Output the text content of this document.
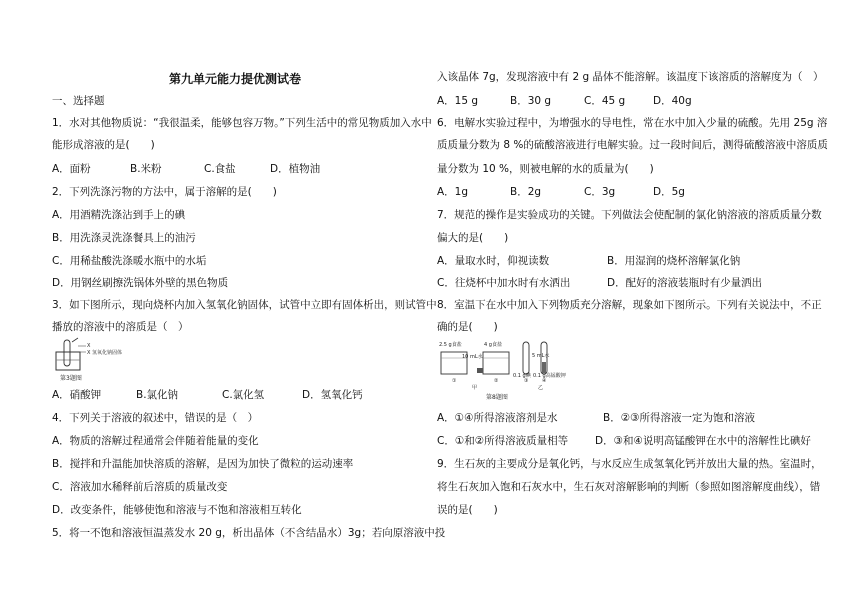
第九单元能力提优测试卷
一、选择题
1．水对其他物质说：“我很温柔，能够包容万物。”下列生活中的常见物质加入水中
能形成溶液的是(　　)
A．面粉	B.米粉	C.食盐	D．植物油
2．下列洗涤污物的方法中，属于溶解的是(　　)
A．用酒精洗涤沾到手上的碘
B．用洗涤灵洗涤餐具上的油污
C．用稀盐酸洗涤暖水瓶中的水垢
D．用钢丝刷擦洗锅体外壁的黑色物质
3．如下图所示，现向烧杯内加入氢氧化钠固体，试管中立即有固体析出，则试管中
播放的溶液中的溶质是（　）
X
X 氢氧化钠固体
第3题图
A．硝酸钾	B.氯化钠	C.氯化氢	D．氢氧化钙
4．下列关于溶液的叙述中，错误的是（　）
A．物质的溶解过程通常会伴随着能量的变化
B．搅拌和升温能加快溶质的溶解，是因为加快了微粒的运动速率
C．溶液加水稀释前后溶质的质量改变
D．改变条件，能够使饱和溶液与不饱和溶液相互转化
5．将一不饱和溶液恒温蒸发水 20 g，析出晶体（不含结晶水）3g；若向原溶液中投
入该晶体 7g，发现溶液中有 2 g 晶体不能溶解。该温度下该溶质的溶解度为（　）
A．15 g	B．30 g	C．45 g	D．40g
6．电解水实验过程中，为增强水的导电性，常在水中加入少量的硫酸。先用 25g 溶
质质量分数为 8 %的硫酸溶液进行电解实验。过一段时间后，测得硫酸溶液中溶质质
量分数为 10 %，则被电解的水的质量为(　　)
A．1g	B．2g	C．3g	D．5g
7．规范的操作是实验成功的关键。下列做法会使配制的氯化钠溶液的溶质质量分数
偏大的是(　　)
A．量取水时，仰视读数	B．用湿润的烧杯溶解氯化钠
C．往烧杯中加水时有水洒出	D．配好的溶液装瓶时有少量洒出
8．室温下在水中加入下列物质充分溶解，现象如下图所示。下列有关说法中，不正
确的是(　　)
2.5 g食盐	4 g食盐
10 mL水	5 mL水
①	②	③	④
0.1 g碘 0.1 g高锰酸钾
甲	乙
第8题图
A．①④所得溶液溶剂是水	B．②③所得溶液一定为饱和溶液
C．①和②所得溶液质量相等	D．③和④说明高锰酸钾在水中的溶解性比碘好
9．生石灰的主要成分是氧化钙，与水反应生成氢氧化钙并放出大量的热。室温时，
将生石灰加入饱和石灰水中，生石灰对溶解影响的判断（参照如图溶解度曲线），错
误的是(　　)
